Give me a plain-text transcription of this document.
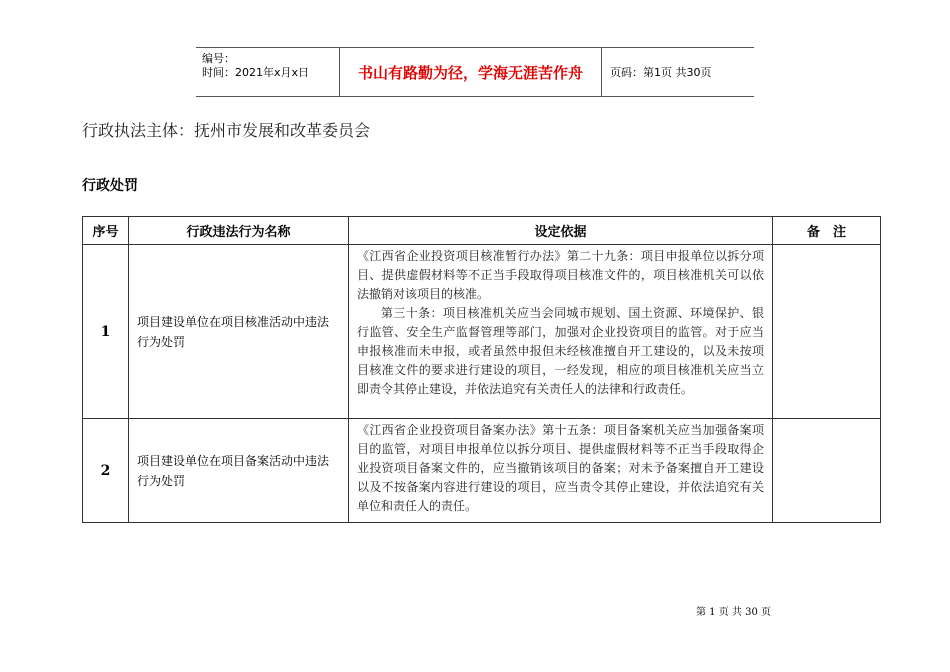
编号：
时间：2021年x月x日	书山有路勤为径，学海无涯苦作舟	页码：第1页 共30页
行政执法主体：抚州市发展和改革委员会
行政处罚
序号	行政违法行为名称	设定依据	备　注
1	项目建设单位在项目核准活动中违法行为处罚	《江西省企业投资项目核准暂行办法》第二十九条：项目申报单位以拆分项目、提供虚假材料等不正当手段取得项目核准文件的，项目核准机关可以依法撤销对该项目的核准。

第三十条：项目核准机关应当会同城市规划、国土资源、环境保护、银行监管、安全生产监督管理等部门，加强对企业投资项目的监管。对于应当申报核准而未申报，或者虽然申报但未经核准擅自开工建设的，以及未按项目核准文件的要求进行建设的项目，一经发现，相应的项目核准机关应当立即责令其停止建设，并依法追究有关责任人的法律和行政责任。	

2	项目建设单位在项目备案活动中违法行为处罚	《江西省企业投资项目备案办法》第十五条：项目备案机关应当加强备案项目的监管，对项目申报单位以拆分项目、提供虚假材料等不正当手段取得企业投资项目备案文件的，应当撤销该项目的备案；对未予备案擅自开工建设以及不按备案内容进行建设的项目，应当责令其停止建设，并依法追究有关单位和责任人的责任。	

第 1 页 共 30 页
